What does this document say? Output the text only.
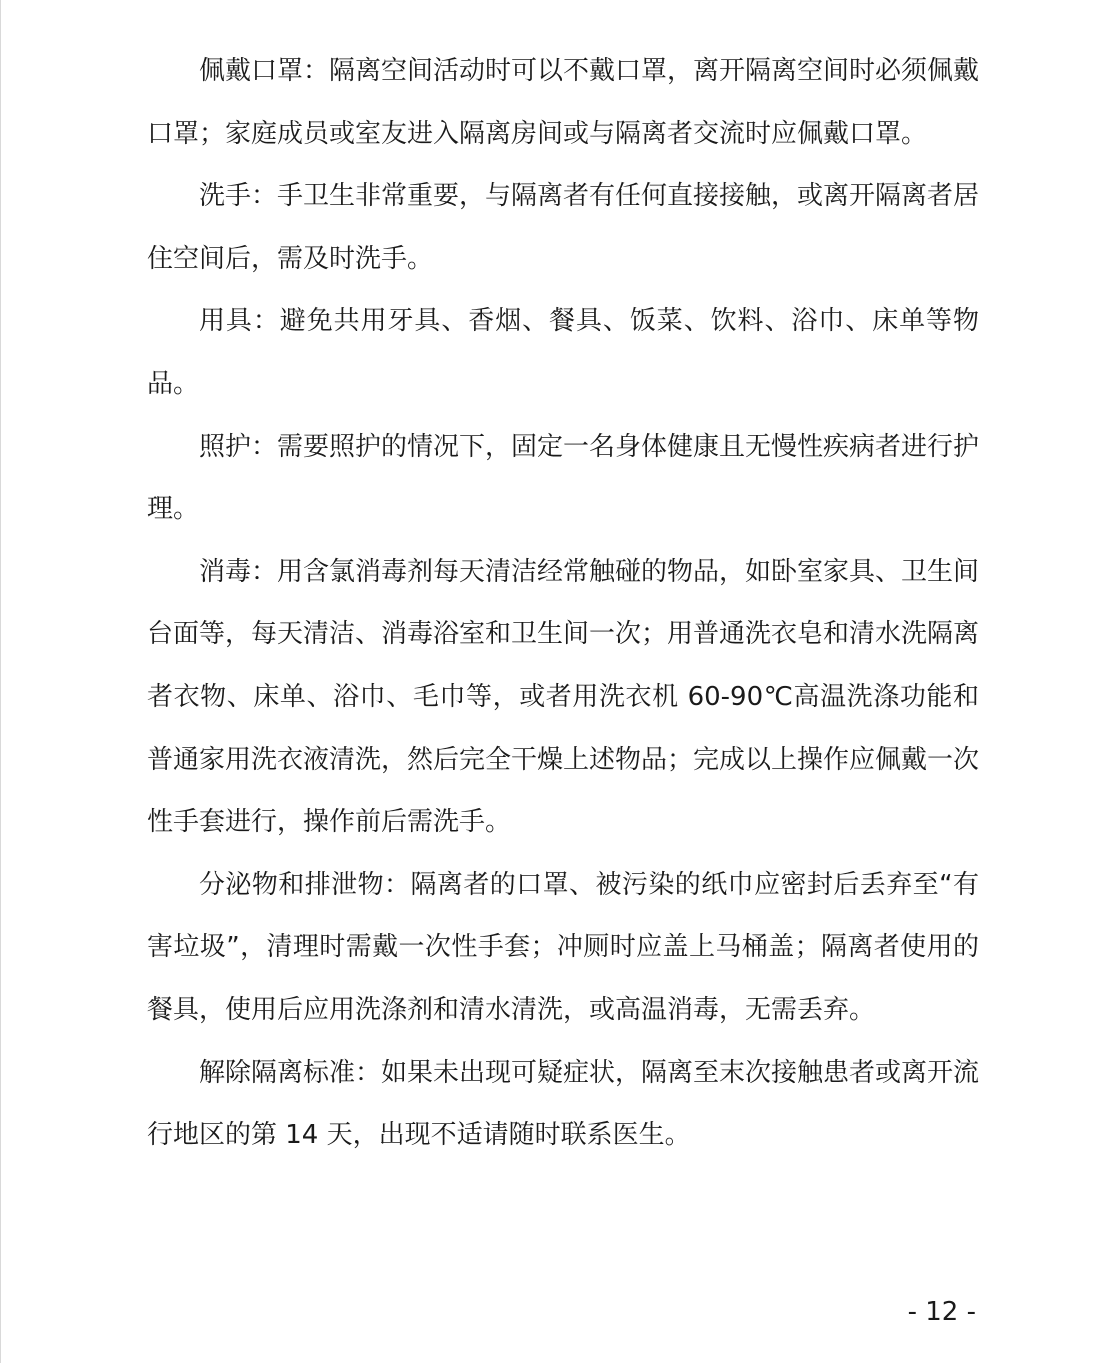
佩戴口罩：隔离空间活动时可以不戴口罩，离开隔离空间时必须佩戴口罩；家庭成员或室友进入隔离房间或与隔离者交流时应佩戴口罩。

洗手：手卫生非常重要，与隔离者有任何直接接触，或离开隔离者居住空间后，需及时洗手。

用具：避免共用牙具、香烟、餐具、饭菜、饮料、浴巾、床单等物品。

照护：需要照护的情况下，固定一名身体健康且无慢性疾病者进行护理。

消毒：用含氯消毒剂每天清洁经常触碰的物品，如卧室家具、卫生间台面等，每天清洁、消毒浴室和卫生间一次；用普通洗衣皂和清水洗隔离者衣物、床单、浴巾、毛巾等，或者用洗衣机 60-90℃高温洗涤功能和普通家用洗衣液清洗，然后完全干燥上述物品；完成以上操作应佩戴一次性手套进行，操作前后需洗手。

分泌物和排泄物：隔离者的口罩、被污染的纸巾应密封后丢弃至“有害垃圾”，清理时需戴一次性手套；冲厕时应盖上马桶盖；隔离者使用的餐具，使用后应用洗涤剂和清水清洗，或高温消毒，无需丢弃。

解除隔离标准：如果未出现可疑症状，隔离至末次接触患者或离开流行地区的第 14 天，出现不适请随时联系医生。

- 12 -
